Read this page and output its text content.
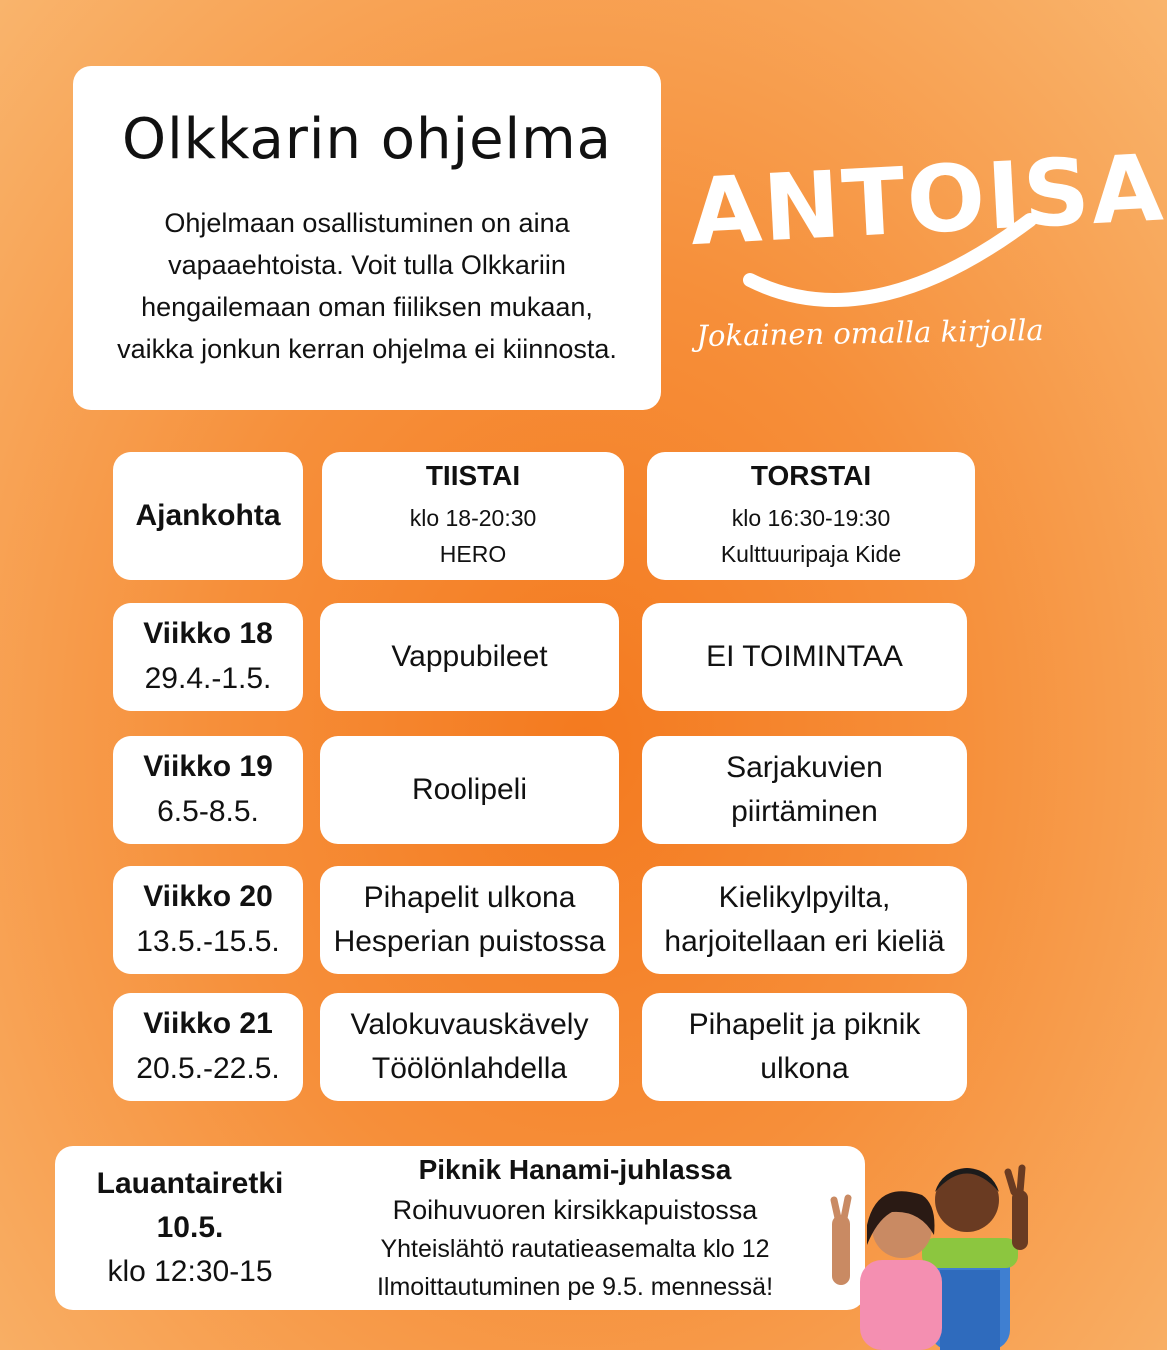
Olkkarin ohjelma
Ohjelmaan osallistuminen on aina
vapaaehtoista. Voit tulla Olkkariin
hengailemaan oman fiiliksen mukaan,
vaikka jonkun kerran ohjelma ei kiinnosta.
ANTOISA
Jokainen omalla kirjolla
Ajankohta
TIISTAI
klo 18-20:30
HERO
TORSTAI
klo 16:30-19:30
Kulttuuripaja Kide
Viikko 18
29.4.-1.5.
Vappubileet	EI TOIMINTAA
Viikko 19
6.5-8.5.
Roolipeli
Sarjakuvien
piirtäminen
Viikko 20
13.5.-15.5.
Pihapelit ulkona
Hesperian puistossa
Kielikylpyilta,
harjoitellaan eri kieliä
Viikko 21
20.5.-22.5.
Valokuvauskävely
Töölönlahdella
Pihapelit ja piknik
ulkona
Lauantairetki
10.5.
klo 12:30-15
Piknik Hanami-juhlassa
Roihuvuoren kirsikkapuistossa
Yhteislähtö rautatieasemalta klo 12
Ilmoittautuminen pe 9.5. mennessä!
